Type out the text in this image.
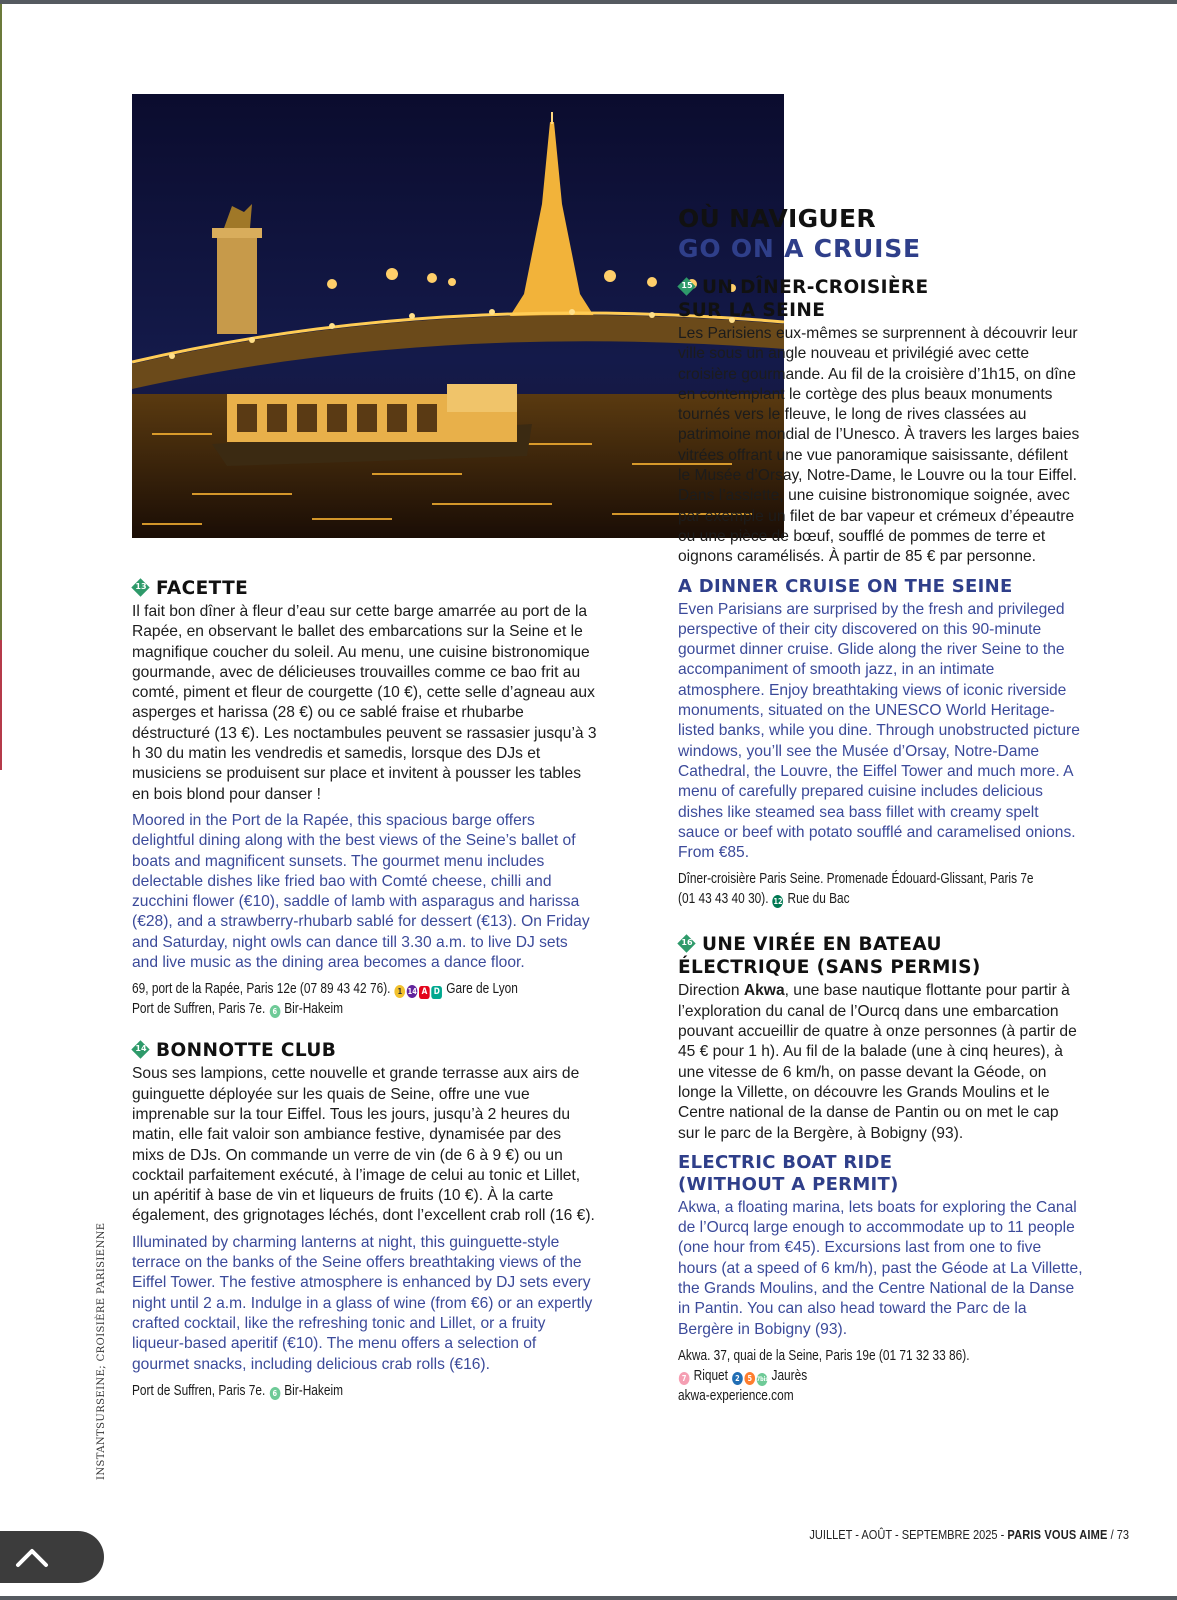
OÙ NAVIGUER
GO ON A CRUISE
15 UN DÎNER-CROISIÈRE

SUR LA SEINE

Les Parisiens eux-mêmes se surprennent à découvrir leur ville sous un angle nouveau et privilégié avec cette croisière gourmande. Au fil de la croisière d’1h15, on dîne en contemplant le cortège des plus beaux monuments tournés vers le fleuve, le long de rives classées au patrimoine mondial de l’Unesco. À travers les larges baies vitrées offrant une vue panoramique saisissante, défilent le Musée d’Orsay, Notre-Dame, le Louvre ou la tour Eiffel. Dans l’assiette, une cuisine bistronomique soignée, avec par exemple un filet de bar vapeur et crémeux d’épeautre ou une pièce de bœuf, soufflé de pommes de terre et oignons caramélisés. À partir de 85 € par personne.

A DINNER CRUISE ON THE SEINE

Even Parisians are surprised by the fresh and privileged perspective of their city discovered on this 90-minute gourmet dinner cruise. Glide along the river Seine to the accompaniment of smooth jazz, in an intimate atmosphere. Enjoy breathtaking views of iconic riverside monuments, situated on the UNESCO World Heritage-listed banks, while you dine. Through unobstructed picture windows, you’ll see the Musée d’Orsay, Notre-Dame Cathedral, the Louvre, the Eiffel Tower and much more. A menu of carefully prepared cuisine includes delicious dishes like steamed sea bass fillet with creamy spelt sauce or beef with potato soufflé and caramelised onions. From €85.

Dîner-croisière Paris Seine. Promenade Édouard-Glissant, Paris 7e

(01 43 43 40 30). 12 Rue du Bac

16 UNE VIRÉE EN BATEAU

ÉLECTRIQUE (SANS PERMIS)

Direction Akwa, une base nautique flottante pour partir à l’exploration du canal de l’Ourcq dans une embarcation pouvant accueillir de quatre à onze personnes (à partir de 45 € pour 1 h). Au fil de la balade (une à cinq heures), à une vitesse de 6 km/h, on passe devant la Géode, on longe la Villette, on découvre les Grands Moulins et le Centre national de la danse de Pantin ou on met le cap sur le parc de la Bergère, à Bobigny (93).

ELECTRIC BOAT RIDE

(WITHOUT A PERMIT)

Akwa, a floating marina, lets boats for exploring the Canal de l’Ourcq large enough to accommodate up to 11 people (one hour from €45). Excursions last from one to five hours (at a speed of 6 km/h), past the Géode at La Villette, the Grands Moulins, and the Centre National de la Danse in Pantin. You can also head toward the Parc de la Bergère in Bobigny (93).

Akwa. 37, quai de la Seine, Paris 19e (01 71 32 33 86).

7 Riquet 2 5 7bis Jaurès

akwa-experience.com

13 FACETTE

Il fait bon dîner à fleur d’eau sur cette barge amarrée au port de la Rapée, en observant le ballet des embarcations sur la Seine et le magnifique coucher du soleil. Au menu, une cuisine bistronomique gourmande, avec de délicieuses trouvailles comme ce bao frit au comté, piment et fleur de courgette (10 €), cette selle d’agneau aux asperges et harissa (28 €) ou ce sablé fraise et rhubarbe déstructuré (13 €). Les noctambules peuvent se rassasier jusqu’à 3 h 30 du matin les vendredis et samedis, lorsque des DJs et musiciens se produisent sur place et invitent à pousser les tables en bois blond pour danser !

Moored in the Port de la Rapée, this spacious barge offers delightful dining along with the best views of the Seine’s ballet of boats and magnificent sunsets. The gourmet menu includes delectable dishes like fried bao with Comté cheese, chilli and zucchini flower (€10), saddle of lamb with asparagus and harissa (€28), and a strawberry-rhubarb sablé for dessert (€13). On Friday and Saturday, night owls can dance till 3.30 a.m. to live DJ sets and live music as the dining area becomes a dance floor.

69, port de la Rapée, Paris 12e (07 89 43 42 76). 1 14 A D Gare de Lyon

Port de Suffren, Paris 7e. 6 Bir-Hakeim

14 BONNOTTE CLUB

Sous ses lampions, cette nouvelle et grande terrasse aux airs de guinguette déployée sur les quais de Seine, offre une vue imprenable sur la tour Eiffel. Tous les jours, jusqu’à 2 heures du matin, elle fait valoir son ambiance festive, dynamisée par des mixs de DJs. On commande un verre de vin (de 6 à 9 €) ou un cocktail parfaitement exécuté, à l’image de celui au tonic et Lillet, un apéritif à base de vin et liqueurs de fruits (10 €). À la carte également, des grignotages léchés, dont l’excellent crab roll (16 €).

Illuminated by charming lanterns at night, this guinguette-style terrace on the banks of the Seine offers breathtaking views of the Eiffel Tower. The festive atmosphere is enhanced by DJ sets every night until 2 a.m. Indulge in a glass of wine (from €6) or an expertly crafted cocktail, like the refreshing tonic and Lillet, or a fruity liqueur-based aperitif (€10). The menu offers a selection of gourmet snacks, including delicious crab rolls (€16).

Port de Suffren, Paris 7e. 6 Bir-Hakeim

INSTANTSURSEINE; CROISIÈRE PARISIENNE
JUILLET - AOÛT - SEPTEMBRE 2025 - PARIS VOUS AIME / 73
